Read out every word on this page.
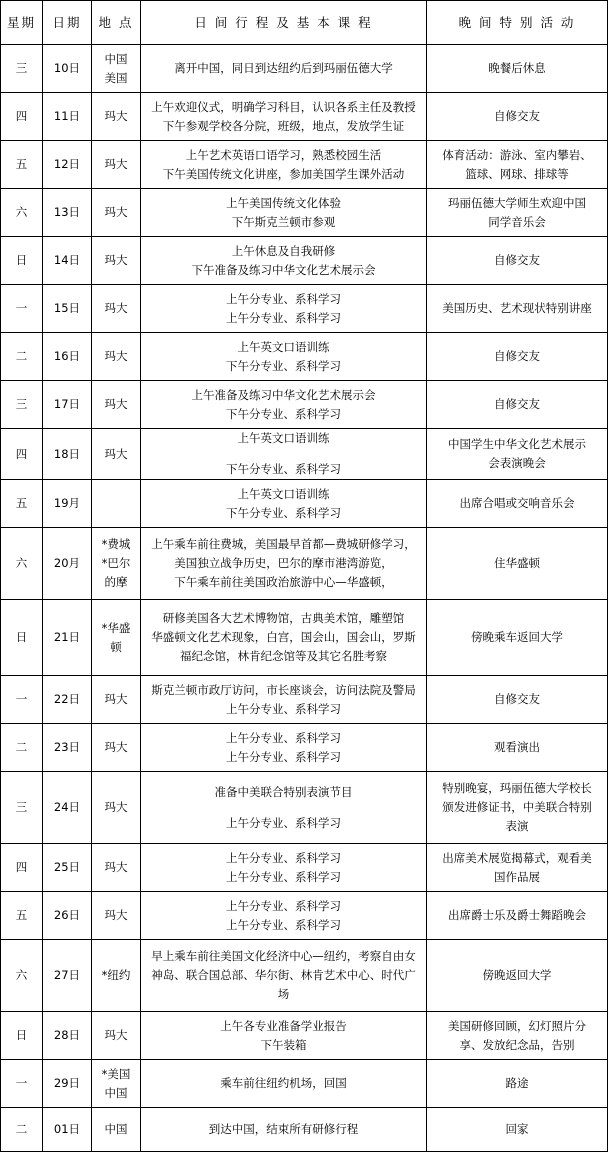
星期	日期	地 点	日 间 行 程 及 基 本 课 程	晚 间 特 别 活 动
三	10日	中国
美国	离开中国，同日到达纽约后到玛丽伍德大学	晚餐后休息

四	11日	玛大	上午欢迎仪式，明确学习科目，认识各系主任及教授
下午参观学校各分院，班级，地点，发放学生证	自修交友

五	12日	玛大	上午艺术英语口语学习，熟悉校园生活
下午美国传统文化讲座，参加美国学生课外活动	体育活动：游泳、室内攀岩、
篮球、网球、排球等

六	13日	玛大	上午美国传统文化体验
下午斯克兰顿市参观	玛丽伍德大学师生欢迎中国
同学音乐会

日	14日	玛大	上午休息及自我研修
下午准备及练习中华文化艺术展示会	自修交友

一	15日	玛大	上午分专业、系科学习
上午分专业、系科学习	美国历史、艺术现状特别讲座

二	16日	玛大	上午英文口语训练
下午分专业、系科学习	自修交友

三	17日	玛大	上午准备及练习中华文化艺术展示会
下午分专业、系科学习	自修交友

四	18日	玛大	上午英文口语训练
下午分专业、系科学习	中国学生中华文化艺术展示
会表演晚会

五	19月		上午英文口语训练
下午分专业、系科学习	出席合唱或交响音乐会

六	20月	*费城
*巴尔
的摩	上午乘车前往费城，美国最早首都—费城研修学习，
美国独立战争历史，巴尔的摩市港湾游览，
下午乘车前往美国政治旅游中心—华盛顿，	住华盛顿

日	21日	*华盛
顿	研修美国各大艺术博物馆，古典美术馆，雕塑馆
华盛顿文化艺术现象，白宫，国会山，国会山，罗斯
福纪念馆，林肯纪念馆等及其它名胜考察	傍晚乘车返回大学

一	22日	玛大	斯克兰顿市政厅访问，市长座谈会，访问法院及警局
上午分专业、系科学习	自修交友

二	23日	玛大	上午分专业、系科学习
上午分专业、系科学习	观看演出

三	24日	玛大	准备中美联合特别表演节目
上午分专业、系科学习	特别晚宴，玛丽伍德大学校长
颁发进修证书，中美联合特别
表演

四	25日	玛大	上午分专业、系科学习
上午分专业、系科学习	出席美术展览揭幕式，观看美
国作品展

五	26日	玛大	上午分专业、系科学习
上午分专业、系科学习	出席爵士乐及爵士舞蹈晚会

六	27日	*纽约	早上乘车前往美国文化经济中心—纽约，考察自由女
神岛、联合国总部、华尔街、林肯艺术中心、时代广
场	傍晚返回大学

日	28日	玛大	上午各专业准备学业报告
下午装箱	美国研修回顾，幻灯照片分
享、发放纪念品，告别

一	29日	*美国
中国	乘车前往纽约机场，回国	路途

二	01日	中国	到达中国，结束所有研修行程	回家
